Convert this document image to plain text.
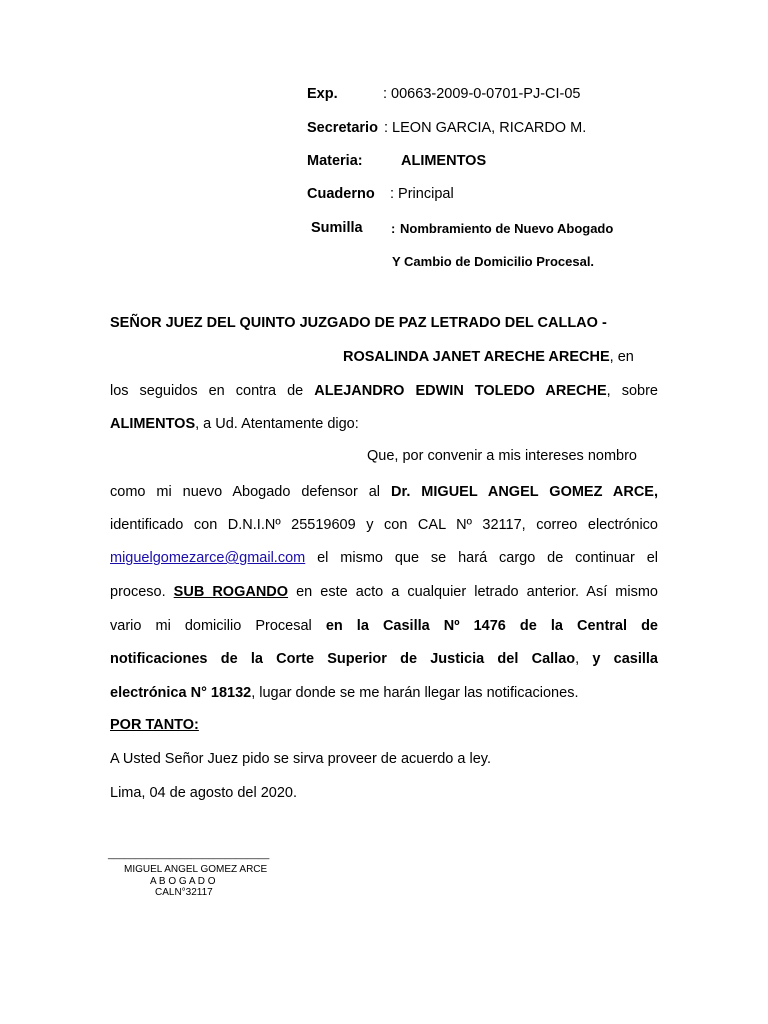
Exp.	: 00663-2009-0-0701-PJ-CI-05
Secretario : LEON GARCIA, RICARDO M.
Materia:	ALIMENTOS
Cuaderno : Principal
Sumilla : Nombramiento de Nuevo Abogado
Y Cambio de Domicilio Procesal.
SEÑOR JUEZ DEL QUINTO JUZGADO DE PAZ LETRADO DEL CALLAO -
ROSALINDA JANET ARECHE ARECHE, en
los seguidos en contra de ALEJANDRO EDWIN TOLEDO ARECHE, sobre
ALIMENTOS, a Ud. Atentamente digo:
Que, por convenir a mis intereses nombro
como mi nuevo Abogado defensor al Dr. MIGUEL ANGEL GOMEZ ARCE,
identificado con D.N.I.Nº 25519609 y con CAL Nº 32117, correo electrónico
miguelgomezarce@gmail.com el mismo que se hará cargo de continuar el
proceso. SUB ROGANDO en este acto a cualquier letrado anterior. Así mismo
vario mi domicilio Procesal en la Casilla Nº 1476 de la Central de
notificaciones de la Corte Superior de Justicia del Callao, y casilla
electrónica N° 18132, lugar donde se me harán llegar las notificaciones.
POR TANTO:
A Usted Señor Juez pido se sirva proveer de acuerdo a ley.
Lima, 04 de agosto del 2020.
_____________________________
MIGUEL ANGEL GOMEZ ARCE
A B O G A D O
CALN°32117
